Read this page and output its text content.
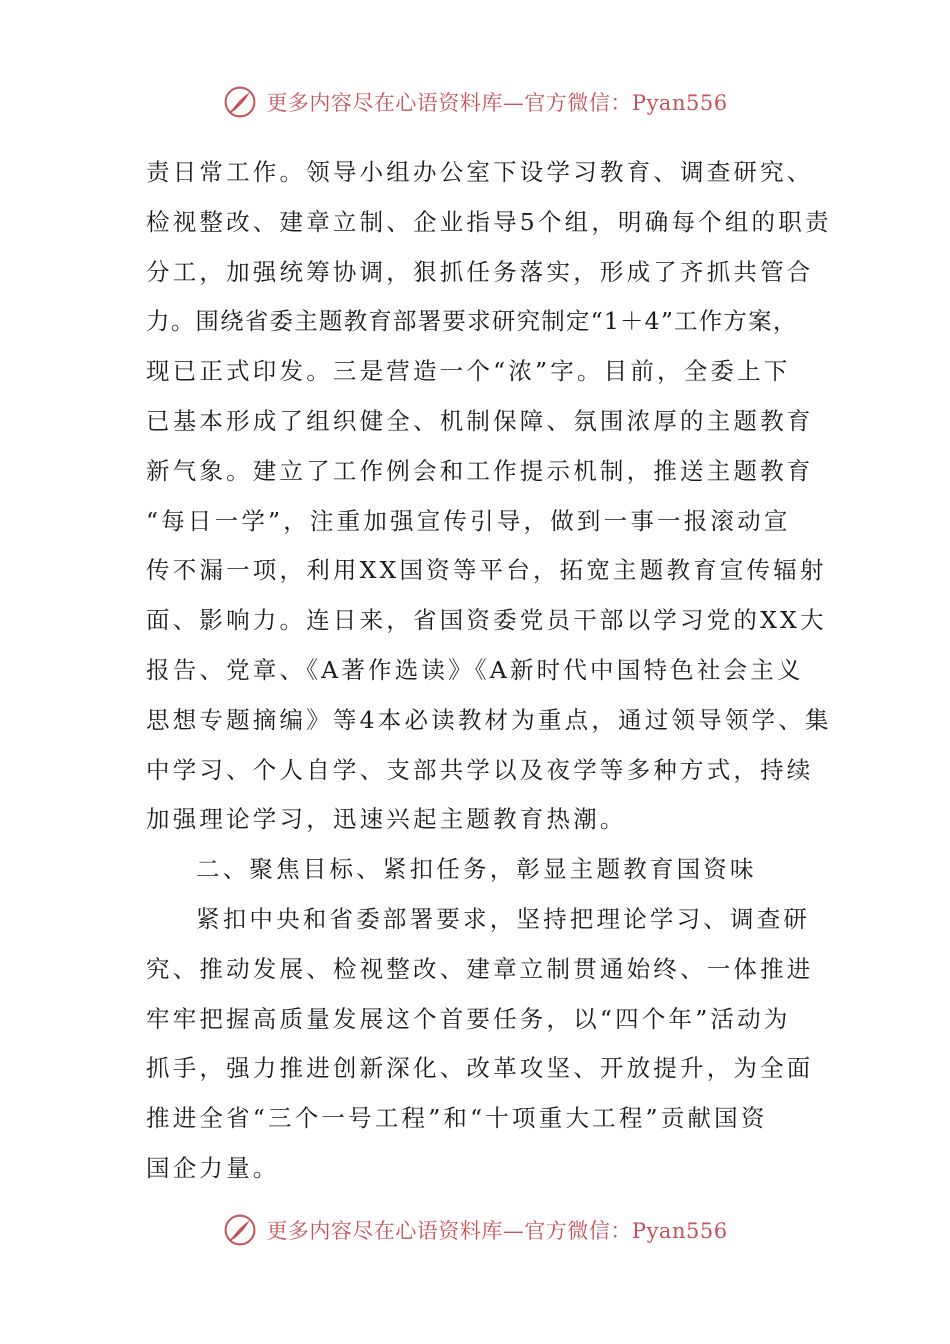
更多内容尽在心语资料库—官方微信：Pyan556
责日常工作。领导小组办公室下设学习教育、调查研究、
检视整改、建章立制、企业指导5个组，明确每个组的职责
分工，加强统筹协调，狠抓任务落实，形成了齐抓共管合
力。围绕省委主题教育部署要求研究制定“1＋4”工作方案，
现已正式印发。三是营造一个“浓”字。目前，全委上下
已基本形成了组织健全、机制保障、氛围浓厚的主题教育
新气象。建立了工作例会和工作提示机制，推送主题教育
“每日一学”，注重加强宣传引导，做到一事一报滚动宣
传不漏一项，利用XX国资等平台，拓宽主题教育宣传辐射
面、影响力。连日来，省国资委党员干部以学习党的XX大
报告、党章、《A著作选读》《A新时代中国特色社会主义
思想专题摘编》等4本必读教材为重点，通过领导领学、集
中学习、个人自学、支部共学以及夜学等多种方式，持续
加强理论学习，迅速兴起主题教育热潮。
二、聚焦目标、紧扣任务，彰显主题教育国资味
紧扣中央和省委部署要求，坚持把理论学习、调查研
究、推动发展、检视整改、建章立制贯通始终、一体推进
牢牢把握高质量发展这个首要任务，以“四个年”活动为
抓手，强力推进创新深化、改革攻坚、开放提升，为全面
推进全省“三个一号工程”和“十项重大工程”贡献国资
国企力量。
更多内容尽在心语资料库—官方微信：Pyan556
